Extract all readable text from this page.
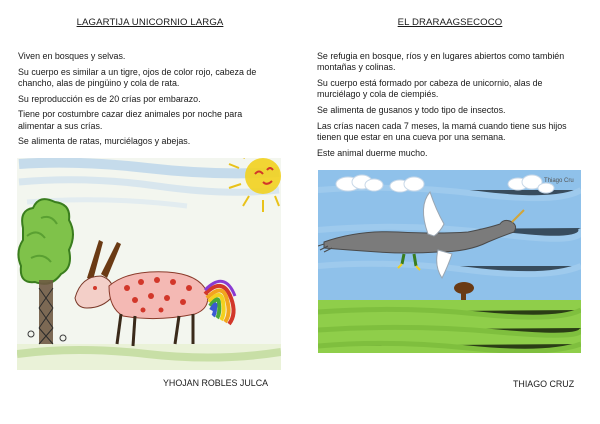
LAGARTIJA UNICORNIO LARGA

Viven en bosques y selvas.

Su cuerpo es similar a un tigre, ojos de color rojo, cabeza de chancho, alas de pingüino y cola de rata.

Su reproducción es de 20 crías por embarazo.

Tiene por costumbre cazar diez animales por noche para alimentar a sus crías.

Se alimenta de ratas, murciélagos y abejas.

YHOJAN ROBLES JULCA
EL DRARAAGSECOCO

Se refugia en bosque, ríos y en lugares abiertos como también montañas y colinas.

Su cuerpo está formado por cabeza de unicornio, alas de murciélago y cola de ciempiés.

Se alimenta de gusanos y todo tipo de insectos.

Las crías nacen cada 7 meses, la mamá cuando tiene sus hijos tienen que estar en una cueva por una semana.

Este animal duerme mucho.

Thiago Cru
THIAGO CRUZ
